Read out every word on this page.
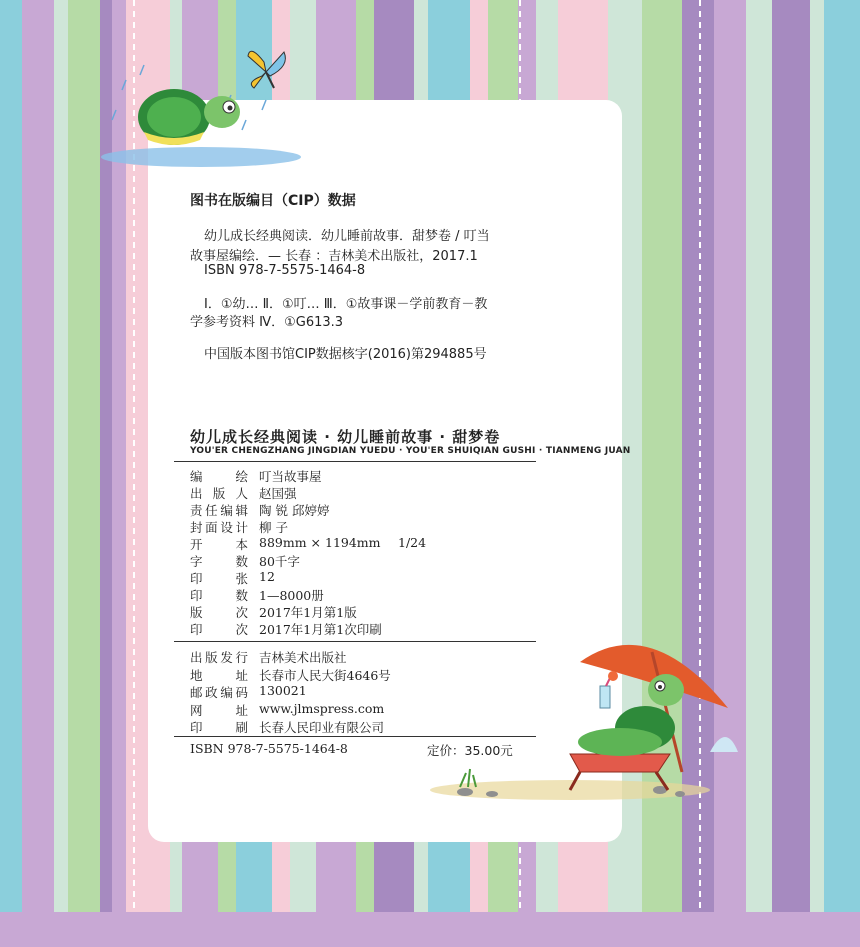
图书在版编目（CIP）数据
幼儿成长经典阅读．幼儿睡前故事．甜梦卷 / 叮当
故事屋编绘．— 长春 ：吉林美术出版社，2017.1
ISBN 978-7-5575-1464-8
Ⅰ．①幼… Ⅱ．①叮… Ⅲ．①故事课－学前教育－教
学参考资料 Ⅳ．①G613.3
中国版本图书馆CIP数据核字(2016)第294885号
幼儿成长经典阅读 · 幼儿睡前故事 · 甜梦卷
YOU'ER CHENGZHANG JINGDIAN YUEDU · YOU'ER SHUIQIAN GUSHI · TIANMENG JUAN
编	绘 叮当故事屋
出 版 人 赵国强
责 任 编 辑 陶 锐 邱婷婷
封 面 设 计 柳 子
开	本 889mm × 1194mm 1/24
字	数 80千字
印	张 12
印	数 1—8000册
版	次 2017年1月第1版
印	次 2017年1月第1次印刷
出 版 发 行 吉林美术出版社
地	址 长春市人民大街4646号
邮 政 编 码 130021
网	址 www.jlmspress.com
印	刷 长春人民印业有限公司
ISBN 978-7-5575-1464-8	定价：35.00元
